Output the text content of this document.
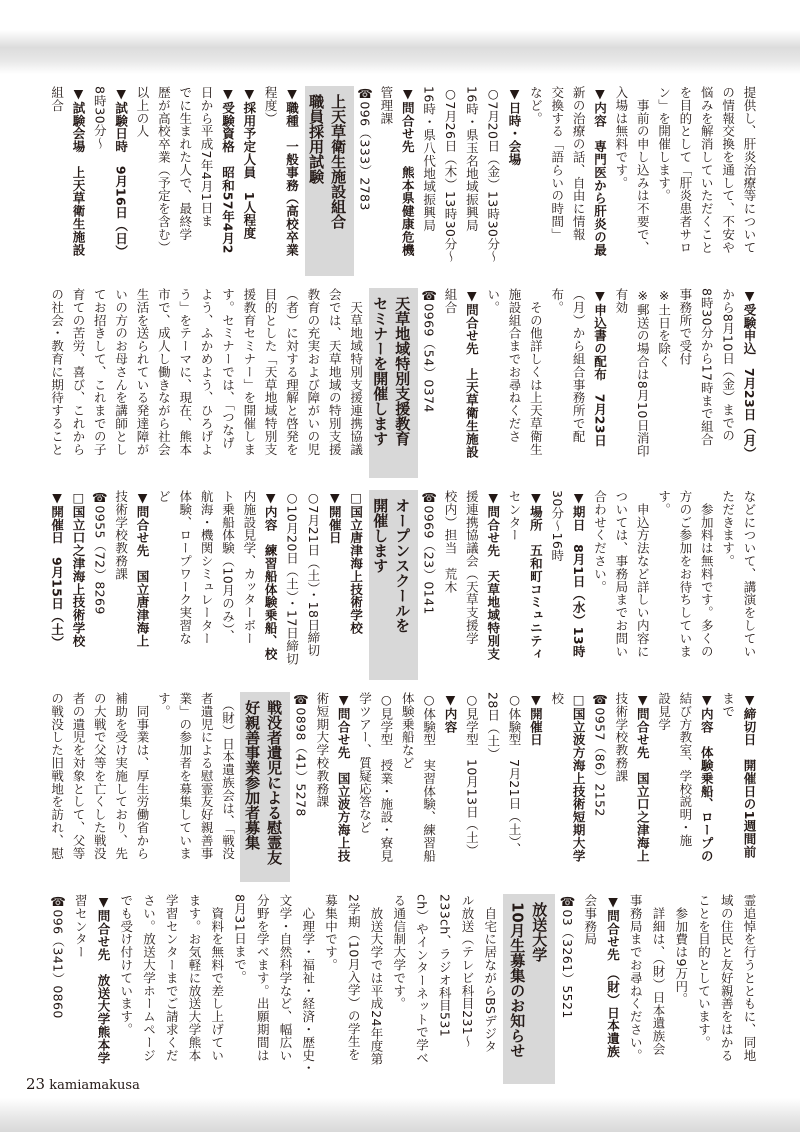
提供し、肝炎治療等について
の情報交換を通して、不安や
悩みを解消していただくこと
を目的として「肝炎患者サロ
ン」を開催します。
　事前の申し込みは不要で、
入場は無料です。
▼内容　専門医から肝炎の最
新の治療の話、自由に情報
交換する「語らいの時間」
など。
▼日時・会場
○7月20日（金）13時30分～
16時・県玉名地域振興局
○7月26日（木）13時30分～
16時・県八代地域振興局
▼問合せ先　熊本県健康危機
管理課
☎096（333）2783
上天草衛生施設組合
職員採用試験
▼職種　一般事務（高校卒業
程度）
▼採用予定人員　1人程度
▼受験資格　昭和57年4月2
日から平成7年4月1日ま
でに生まれた人で、最終学
歴が高校卒業（予定を含む）
以上の人
▼試験日時　9月16日（日）
8時30分～
▼試験会場　上天草衛生施設
組合
▼受験申込　7月23日（月）
から8月10日（金）までの
8時30分から17時まで組合
事務所で受付
※土日を除く
※郵送の場合は8月10日消印
有効
▼申込書の配布　7月23日
（月）から組合事務所で配
布。
　その他詳しくは上天草衛生
施設組合までお尋ねくださ
い。
▼問合せ先　上天草衛生施設
組合
☎0969（54）0374
天草地域特別支援教育
セミナーを開催します
　天草地域特別支援連携協議
会では、天草地域の特別支援
教育の充実および障がいの児
（者）に対する理解と啓発を
目的とした「天草地域特別支
援教育セミナー」を開催しま
す。セミナーでは、「つなげ
よう、ふかめよう、ひろげよ
う」をテーマに、現在、熊本
市で、成人し働きながら社会
生活を送られている発達障が
いの方のお母さんを講師とし
てお招きして、これまでの子
育ての苦労、喜び、これから
の社会・教育に期待すること
などについて、講演をしてい
ただきます。
　参加料は無料です。多くの
方のご参加をお待ちしていま
す。
　申込方法など詳しい内容に
ついては、事務局までお問い
合わせください。
▼期日　8月1日（水）13時
30分～16時
▼場所　五和町コミュニティ
センター
▼問合せ先　天草地域特別支
援連携協議会（天草支援学
校内）担当　荒木
☎0969（23）0141
オープンスクールを
開催します
□国立唐津海上技術学校
▼開催日
○7月21日（土）・18日締切
○10月20日（土）・17日締切
▼内容　練習船体験乗船、校
内施設見学、カッターボー
ト乗船体験（10月のみ）、
航海・機関シミュレーター
体験、ロープワーク実習な
ど
▼問合せ先　国立唐津海上
技術学校教務課
☎0955（72）8269
□国立口之津海上技術学校
▼開催日　9月15日（土）
▼締切日　開催日の1週間前
まで
▼内容　体験乗船、ロープの
結び方教室、学校説明・施
設見学
▼問合せ先　国立口之津海上
技術学校教務課
☎0957（86）2152
□国立波方海上技術短期大学
校
▼開催日
○体験型　7月21日（土）、
28日（土）
○見学型　10月13日（土）
▼内容
○体験型　実習体験、練習船
体験乗船など
○見学型　授業・施設・寮見
学ツアー、質疑応答など
▼問合せ先　国立波方海上技
術短期大学校教務課
☎0898（41）5278
戦没者遺児による慰霊友
好親善事業参加者募集
　（財）日本遺族会は、「戦没
者遺児による慰霊友好親善事
業」の参加者を募集していま
す。
　同事業は、厚生労働省から
補助を受け実施しており、先
の大戦で父等を亡くした戦没
者の遺児を対象として、父等
の戦没した旧戦地を訪れ、慰
霊追悼を行うとともに、同地
域の住民と友好親善をはかる
ことを目的としています。
　参加費は9万円。
　詳細は、（財）日本遺族会
事務局までお尋ねください。
▼問合せ先　（財）日本遺族
会事務局
☎03（3261）5521
放送大学
10月生募集のお知らせ
　自宅に居ながらBSデジタ
ル放送（テレビ科目231～
233ch、ラジオ科目531
ch）やインターネットで学べ
る通信制大学です。
　放送大学では平成24年度第
2学期（10月入学）の学生を
募集中です。
　心理学・福祉・経済・歴史・
文学・自然科学など、幅広い
分野を学べます。出願期間は
8月31日まで。
　資料を無料で差し上げてい
ます。お気軽に放送大学熊本
学習センターまでご請求くだ
さい。放送大学ホームページ
でも受け付けています。
▼問合せ先　放送大学熊本学
習センター
☎096（341）0860
23 kamiamakusa
